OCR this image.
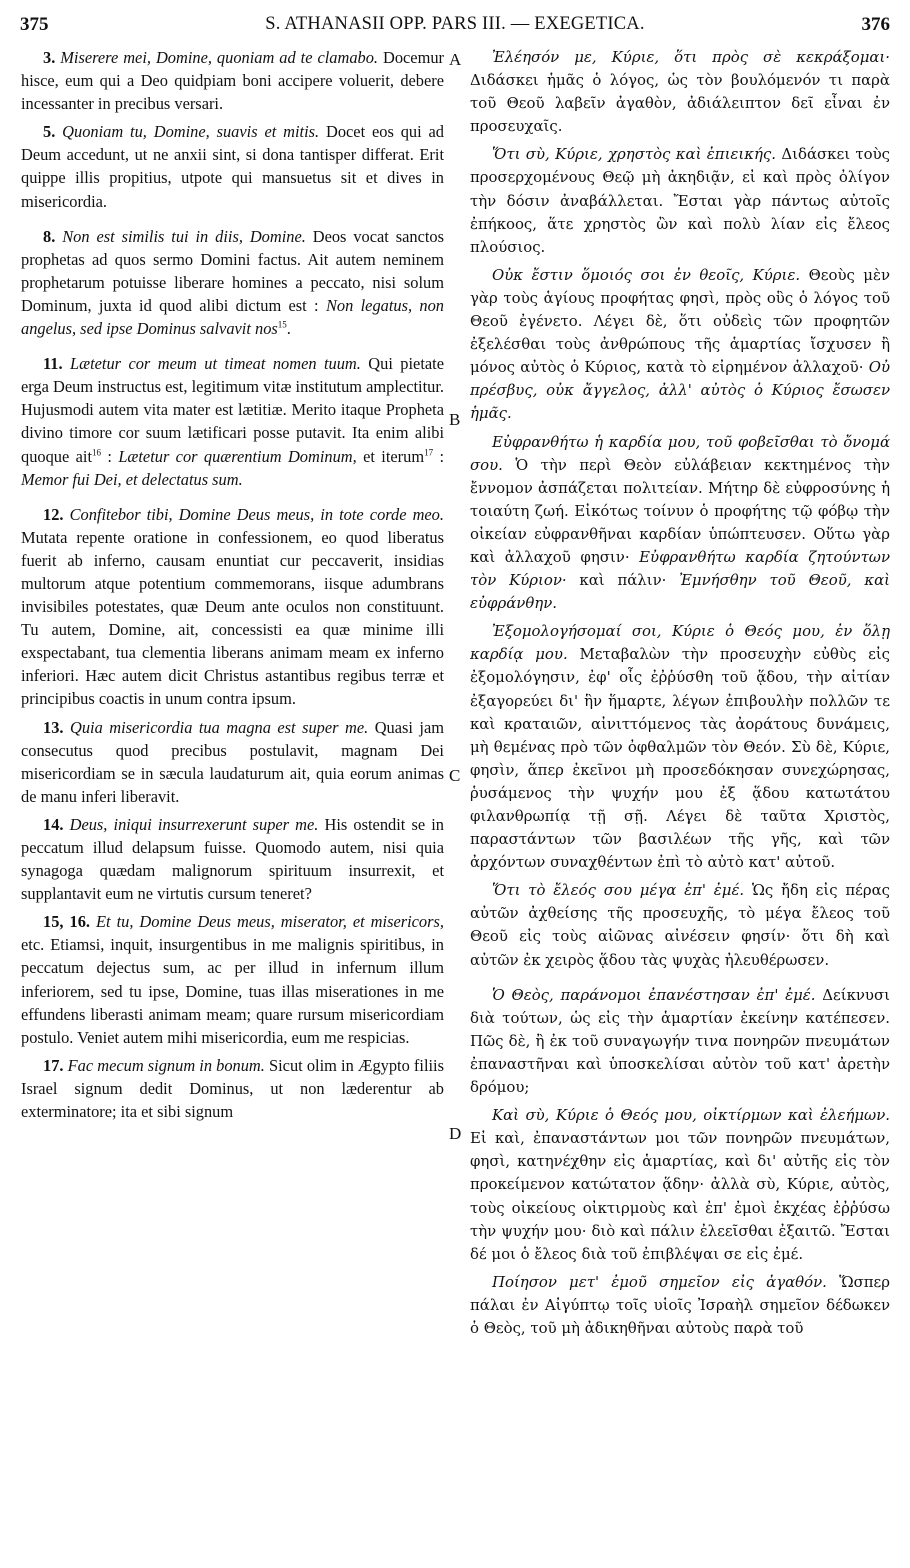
375	S. ATHANASII OPP. PARS III. — EXEGETICA.	376
A
B
C
D

3. Miserere mei, Domine, quoniam ad te clamabo. Docemur hisce, eum qui a Deo quidpiam boni accipere voluerit, debere incessanter in precibus versari.

5. Quoniam tu, Domine, suavis et mitis. Docet eos qui ad Deum accedunt, ut ne anxii sint, si dona tantisper differat. Erit quippe illis propitius, utpote qui mansuetus sit et dives in misericordia.

8. Non est similis tui in diis, Domine. Deos vocat sanctos prophetas ad quos sermo Domini factus. Ait autem neminem prophetarum potuisse liberare homines a peccato, nisi solum Dominum, juxta id quod alibi dictum est : Non legatus, non angelus, sed ipse Dominus salvavit nos$^{15}$.

11. Lætetur cor meum ut timeat nomen tuum. Qui pietate erga Deum instructus est, legitimum vitæ institutum amplectitur. Hujusmodi autem vita mater est lætitiæ. Merito itaque Propheta divino timore cor suum lætificari posse putavit. Ita enim alibi quoque ait$^{16}$ : Lætetur cor quærentium Dominum, et iterum$^{17}$ : Memor fui Dei, et delectatus sum.

12. Confitebor tibi, Domine Deus meus, in tote corde meo. Mutata repente oratione in confessionem, eo quod liberatus fuerit ab inferno, causam enuntiat cur peccaverit, insidias multorum atque potentium commemorans, iisque adumbrans invisibiles potestates, quæ Deum ante oculos non constituunt. Tu autem, Domine, ait, concessisti ea quæ minime illi exspectabant, tua clementia liberans animam meam ex inferno inferiori. Hæc autem dicit Christus astantibus regibus terræ et principibus coactis in unum contra ipsum.

13. Quia misericordia tua magna est super me. Quasi jam consecutus quod precibus postulavit, magnam Dei misericordiam se in sæcula laudaturum ait, quia eorum animas de manu inferi liberavit.

14. Deus, iniqui insurrexerunt super me. His ostendit se in peccatum illud delapsum fuisse. Quomodo autem, nisi quia synagoga quædam malignorum spirituum insurrexit, et supplantavit eum ne virtutis cursum teneret?

15, 16. Et tu, Domine Deus meus, miserator, et misericors, etc. Etiamsi, inquit, insurgentibus in me malignis spiritibus, in peccatum dejectus sum, ac per illud in infernum illum inferiorem, sed tu ipse, Domine, tuas illas miserationes in me effundens liberasti animam meam; quare rursum misericordiam postulo. Veniet autem mihi misericordia, eum me respicias.

17. Fac mecum signum in bonum. Sicut olim in Ægypto filiis Israel signum dedit Dominus, ut non læderentur ab exterminatore; ita et sibi signum

Ἐλέησόν με, Κύριε, ὅτι πρὸς σὲ κεκράξομαι· Διδάσκει ἡμᾶς ὁ λόγος, ὡς τὸν βουλόμενόν τι παρὰ τοῦ Θεοῦ λαβεῖν ἀγαθὸν, ἀδιάλειπτον δεῖ εἶναι ἐν προσευχαῖς.

Ὅτι σὺ, Κύριε, χρηστὸς καὶ ἐπιεικής. Διδάσκει τοὺς προσερχομένους Θεῷ μὴ ἀκηδιᾷν, εἰ καὶ πρὸς ὀλίγον τὴν δόσιν ἀναβάλλεται. Ἔσται γὰρ πάντως αὐτοῖς ἐπήκοος, ἅτε χρηστὸς ὢν καὶ πολὺ λίαν εἰς ἔλεος πλούσιος.

Οὐκ ἔστιν ὅμοιός σοι ἐν θεοῖς, Κύριε. Θεοὺς μὲν γὰρ τοὺς ἁγίους προφήτας φησὶ, πρὸς οὓς ὁ λόγος τοῦ Θεοῦ ἐγένετο. Λέγει δὲ, ὅτι οὐδεὶς τῶν προφητῶν ἐξελέσθαι τοὺς ἀνθρώπους τῆς ἁμαρτίας ἴσχυσεν ἢ μόνος αὐτὸς ὁ Κύριος, κατὰ τὸ εἰρημένον ἀλλαχοῦ· Οὐ πρέσβυς, οὐκ ἄγγελος, ἀλλ' αὐτὸς ὁ Κύριος ἔσωσεν ἡμᾶς.

Εὐφρανθήτω ἡ καρδία μου, τοῦ φοβεῖσθαι τὸ ὄνομά σου. Ὁ τὴν περὶ Θεὸν εὐλάβειαν κεκτημένος τὴν ἔννομον ἀσπάζεται πολιτείαν. Μήτηρ δὲ εὐφροσύνης ἡ τοιαύτη ζωή. Εἰκότως τοίνυν ὁ προφήτης τῷ φόβῳ τὴν οἰκείαν εὐφρανθῆναι καρδίαν ὑπώπτευσεν. Οὕτω γὰρ καὶ ἀλλαχοῦ φησιν· Εὐφρανθήτω καρδία ζητούντων τὸν Κύριον· καὶ πάλιν· Ἐμνήσθην τοῦ Θεοῦ, καὶ εὐφράνθην.

Ἐξομολογήσομαί σοι, Κύριε ὁ Θεός μου, ἐν ὅλῃ καρδίᾳ μου. Μεταβαλὼν τὴν προσευχὴν εὐθὺς εἰς ἐξομολόγησιν, ἐφ' οἷς ἐῤῥύσθη τοῦ ᾅδου, τὴν αἰτίαν ἐξαγορεύει δι' ἣν ἥμαρτε, λέγων ἐπιβουλὴν πολλῶν τε καὶ κραταιῶν, αἰνιττόμενος τὰς ἀοράτους δυνάμεις, μὴ θεμένας πρὸ τῶν ὀφθαλμῶν τὸν Θεόν. Σὺ δὲ, Κύριε, φησὶν, ἅπερ ἐκεῖνοι μὴ προσεδόκησαν συνεχώρησας, ῥυσάμενος τὴν ψυχήν μου ἐξ ᾅδου κατωτάτου φιλανθρωπίᾳ τῇ σῇ. Λέγει δὲ ταῦτα Χριστὸς, παραστάντων τῶν βασιλέων τῆς γῆς, καὶ τῶν ἀρχόντων συναχθέντων ἐπὶ τὸ αὐτὸ κατ' αὐτοῦ.

Ὅτι τὸ ἔλεός σου μέγα ἐπ' ἐμέ. Ὡς ἤδη εἰς πέρας αὐτῶν ἀχθείσης τῆς προσευχῆς, τὸ μέγα ἔλεος τοῦ Θεοῦ εἰς τοὺς αἰῶνας αἰνέσειν φησίν· ὅτι δὴ καὶ αὐτῶν ἐκ χειρὸς ᾅδου τὰς ψυχὰς ἠλευθέρωσεν.

Ὁ Θεὸς, παράνομοι ἐπανέστησαν ἐπ' ἐμέ. Δείκνυσι διὰ τούτων, ὡς εἰς τὴν ἁμαρτίαν ἐκείνην κατέπεσεν. Πῶς δὲ, ἢ ἐκ τοῦ συναγωγήν τινα πονηρῶν πνευμάτων ἐπαναστῆναι καὶ ὑποσκελίσαι αὐτὸν τοῦ κατ' ἀρετὴν δρόμου;

Καὶ σὺ, Κύριε ὁ Θεός μου, οἰκτίρμων καὶ ἐλεήμων. Εἰ καὶ, ἐπαναστάντων μοι τῶν πονηρῶν πνευμάτων, φησὶ, κατηνέχθην εἰς ἁμαρτίας, καὶ δι' αὐτῆς εἰς τὸν προκείμενον κατώτατον ᾅδην· ἀλλὰ σὺ, Κύριε, αὐτὸς, τοὺς οἰκείους οἰκτιρμοὺς καὶ ἐπ' ἐμοὶ ἐκχέας ἐῤῥύσω τὴν ψυχήν μου· διὸ καὶ πάλιν ἐλεεῖσθαι ἐξαιτῶ. Ἔσται δέ μοι ὁ ἔλεος διὰ τοῦ ἐπιβλέψαι σε εἰς ἐμέ.

Ποίησον μετ' ἐμοῦ σημεῖον εἰς ἀγαθόν. Ὥσπερ πάλαι ἐν Αἰγύπτῳ τοῖς υἱοῖς Ἰσραὴλ σημεῖον δέδωκεν ὁ Θεὸς, τοῦ μὴ ἀδικηθῆναι αὐτοὺς παρὰ τοῦ
